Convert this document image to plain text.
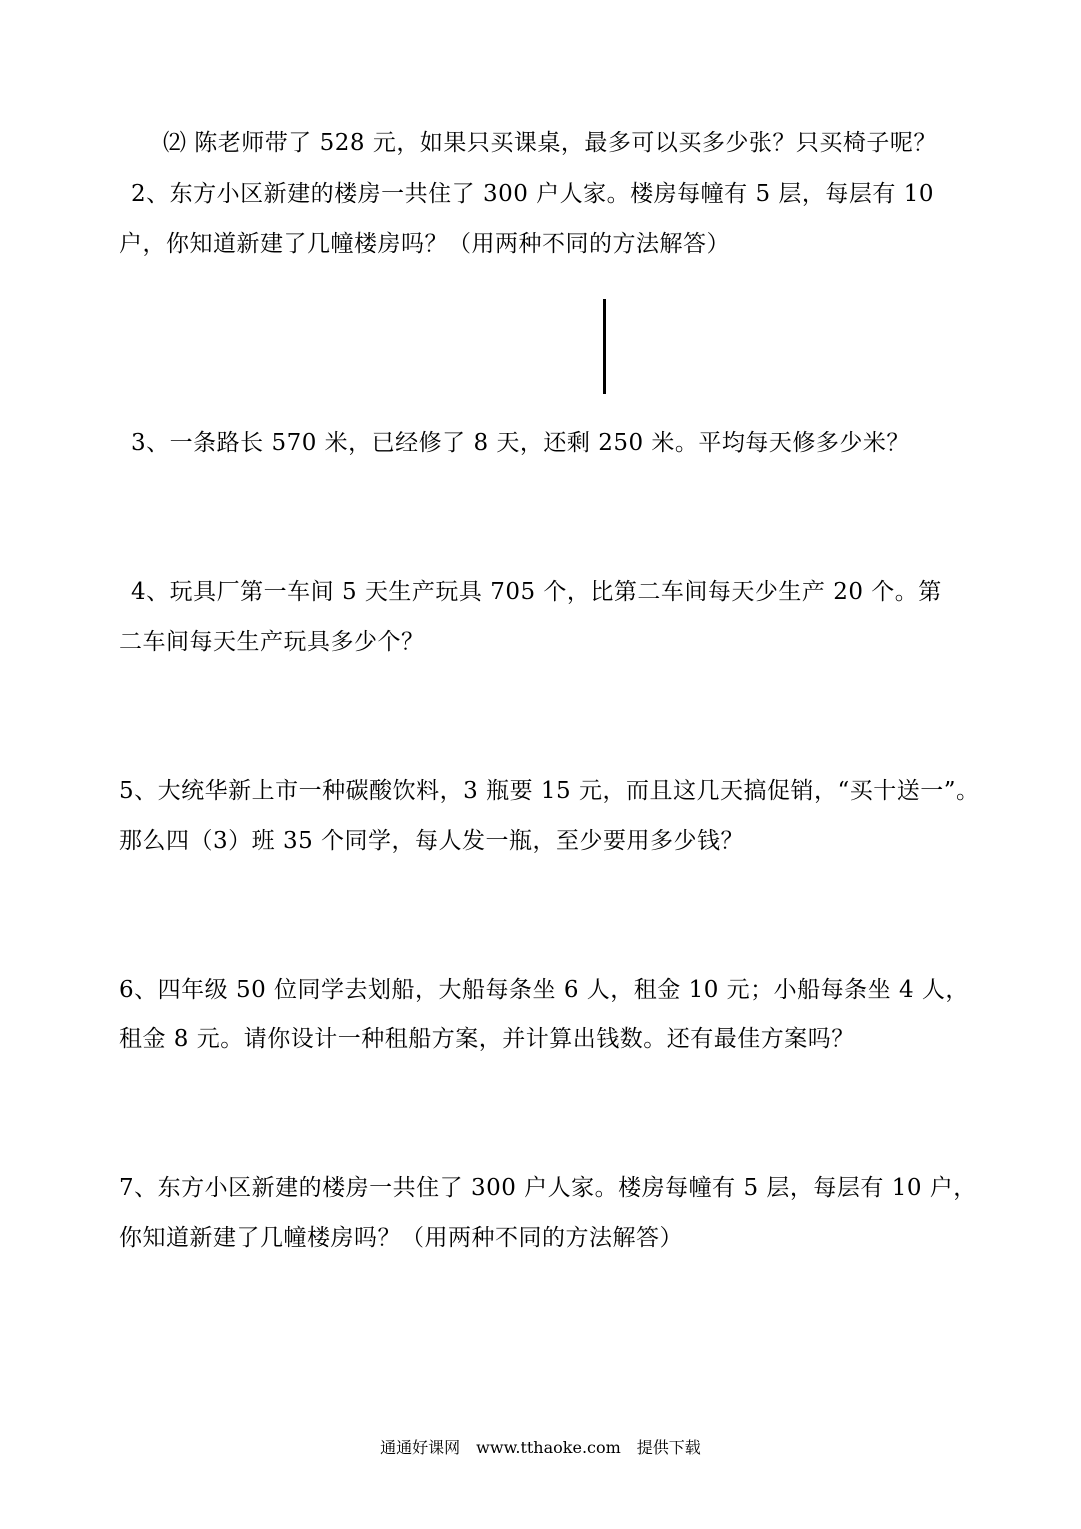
⑵ 陈老师带了 528 元，如果只买课桌，最多可以买多少张？只买椅子呢？
2、东方小区新建的楼房一共住了 300 户人家。楼房每幢有 5 层，每层有 10
户，你知道新建了几幢楼房吗？（用两种不同的方法解答）
3、一条路长 570 米，已经修了 8 天，还剩 250 米。平均每天修多少米？
4、玩具厂第一车间 5 天生产玩具 705 个，比第二车间每天少生产 20 个。第
二车间每天生产玩具多少个？
5、大统华新上市一种碳酸饮料，3 瓶要 15 元，而且这几天搞促销，“买十送一”。
那么四（3）班 35 个同学，每人发一瓶，至少要用多少钱？
6、四年级 50 位同学去划船，大船每条坐 6 人，租金 10 元；小船每条坐 4 人，
租金 8 元。请你设计一种租船方案，并计算出钱数。还有最佳方案吗？
7、东方小区新建的楼房一共住了 300 户人家。楼房每幢有 5 层，每层有 10 户，
你知道新建了几幢楼房吗？（用两种不同的方法解答）
通通好课网　www.tthaoke.com　提供下载
